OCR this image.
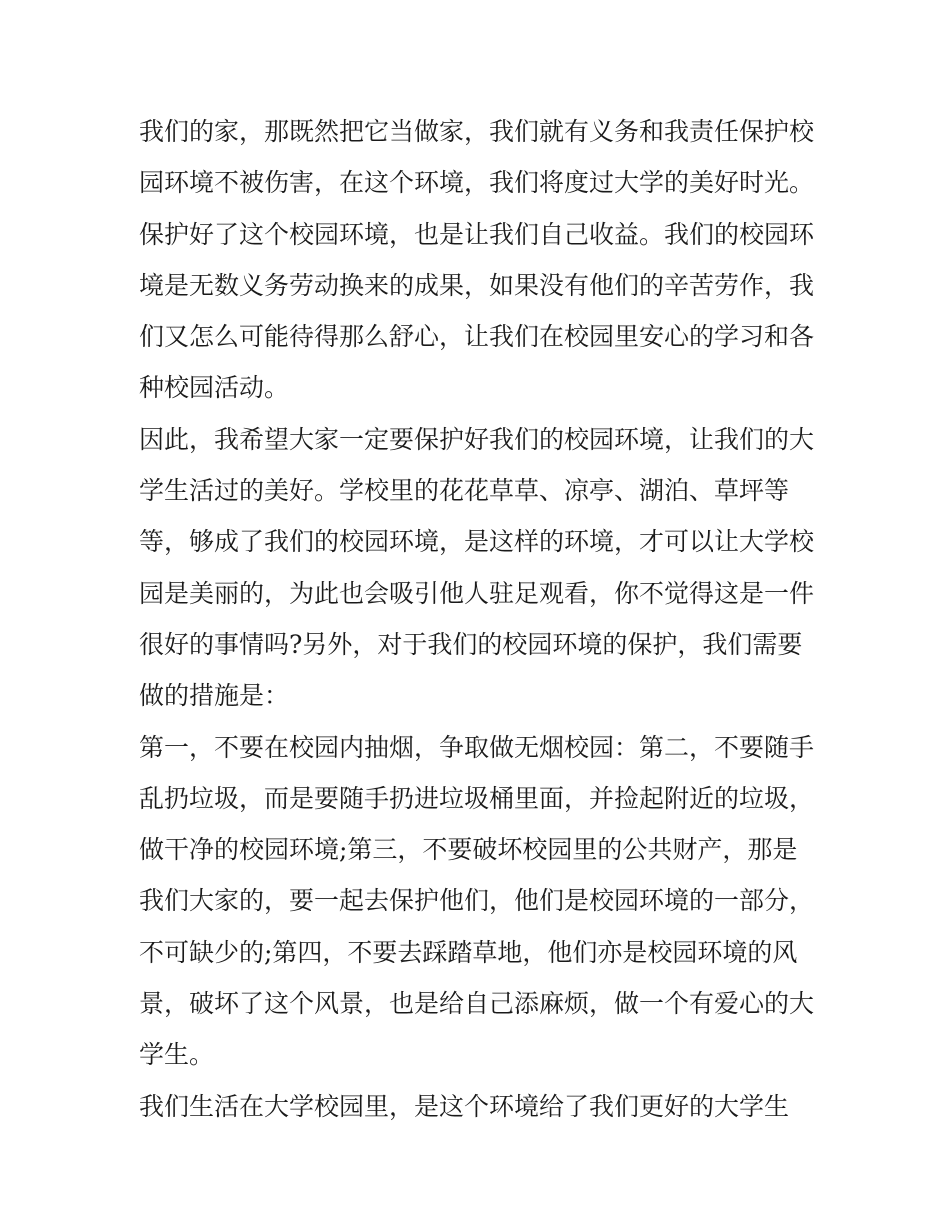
我们的家，那既然把它当做家，我们就有义务和我责任保护校
园环境不被伤害，在这个环境，我们将度过大学的美好时光。
保护好了这个校园环境，也是让我们自己收益。我们的校园环
境是无数义务劳动换来的成果，如果没有他们的辛苦劳作，我
们又怎么可能待得那么舒心，让我们在校园里安心的学习和各
种校园活动。
因此，我希望大家一定要保护好我们的校园环境，让我们的大
学生活过的美好。学校里的花花草草、凉亭、湖泊、草坪等
等，够成了我们的校园环境，是这样的环境，才可以让大学校
园是美丽的，为此也会吸引他人驻足观看，你不觉得这是一件
很好的事情吗?另外，对于我们的校园环境的保护，我们需要
做的措施是：
第一，不要在校园内抽烟，争取做无烟校园：第二，不要随手
乱扔垃圾，而是要随手扔进垃圾桶里面，并捡起附近的垃圾，
做干净的校园环境;第三，不要破坏校园里的公共财产，那是
我们大家的，要一起去保护他们，他们是校园环境的一部分，
不可缺少的;第四，不要去踩踏草地，他们亦是校园环境的风
景，破坏了这个风景，也是给自己添麻烦，做一个有爱心的大
学生。
我们生活在大学校园里，是这个环境给了我们更好的大学生
